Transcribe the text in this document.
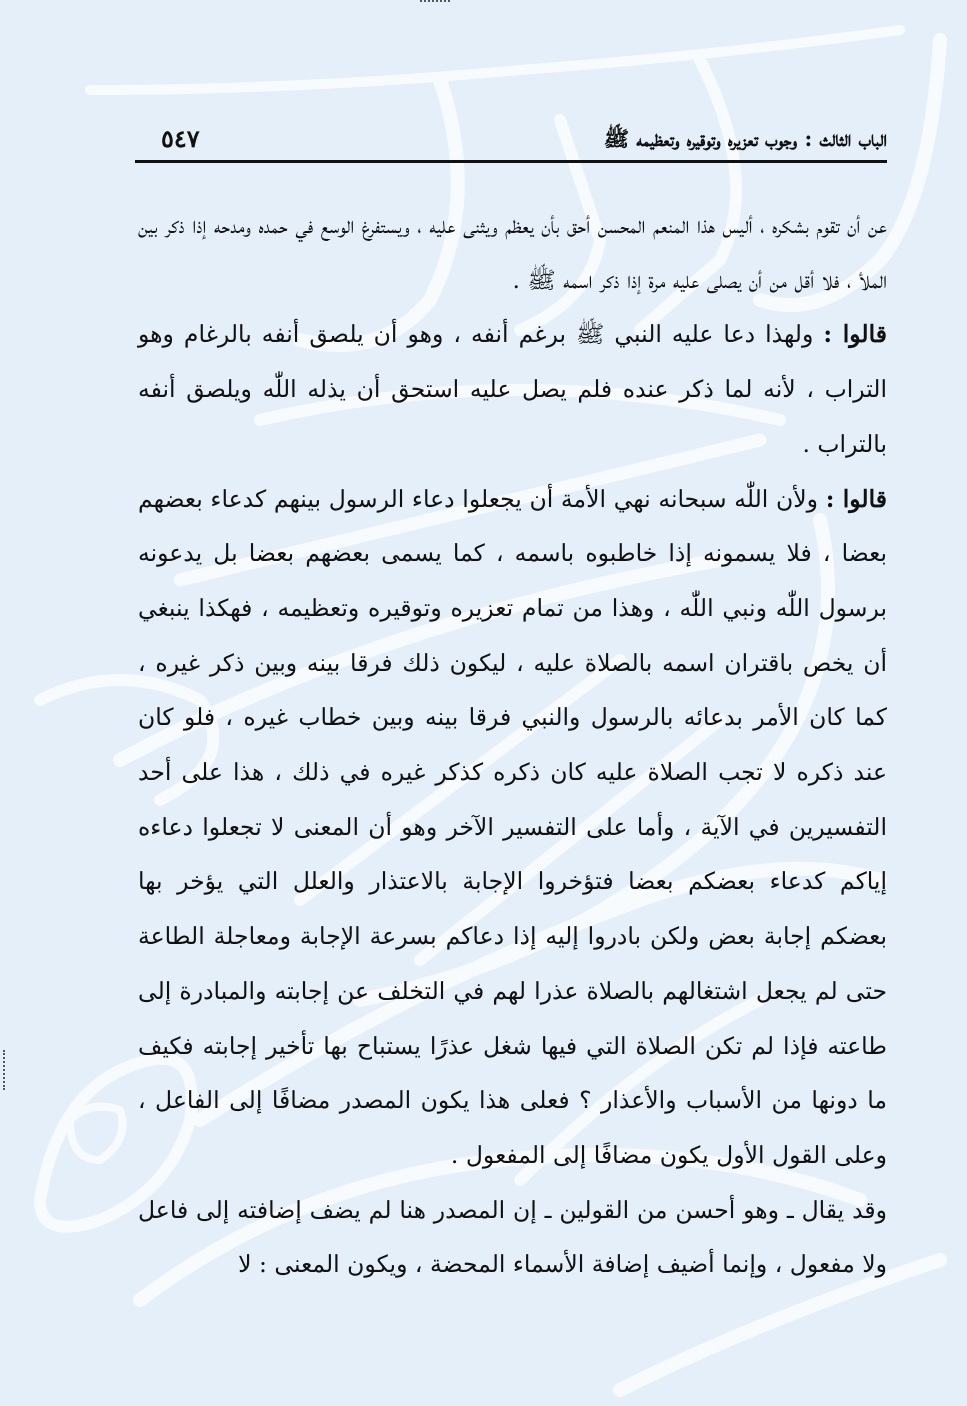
الباب الثالث : وجوب تعزيره وتوقيره وتعظيمه ﷺ
٥٤٧

عن أن تقوم بشكره ، أليس هذا المنعم المحسن أحق بأن يعظم ويثنى عليه ، ويستفرغ الوسع في حمده ومدحه إذا ذكر بين الملأ ، فلا أقل من أن يصلى عليه مرة إذا ذكر اسمه ﷺ .

قالوا : ولهذا دعا عليه النبي ﷺ برغم أنفه ، وهو أن يلصق أنفه بالرغام وهو التراب ، لأنه لما ذكر عنده فلم يصل عليه استحق أن يذله اللّٰه ويلصق أنفه بالتراب .

قالوا : ولأن اللّٰه سبحانه نهي الأمة أن يجعلوا دعاء الرسول بينهم كدعاء بعضهم بعضا ، فلا يسمونه إذا خاطبوه باسمه ، كما يسمى بعضهم بعضا بل يدعونه برسول اللّٰه ونبي اللّٰه ، وهذا من تمام تعزيره وتوقيره وتعظيمه ، فهكذا ينبغي أن يخص باقتران اسمه بالصلاة عليه ، ليكون ذلك فرقا بينه وبين ذكر غيره ، كما كان الأمر بدعائه بالرسول والنبي فرقا بينه وبين خطاب غيره ، فلو كان عند ذكره لا تجب الصلاة عليه كان ذكره كذكر غيره في ذلك ، هذا على أحد التفسيرين في الآية ، وأما على التفسير الآخر وهو أن المعنى لا تجعلوا دعاءه إياكم كدعاء بعضكم بعضا فتؤخروا الإجابة بالاعتذار والعلل التي يؤخر بها بعضكم إجابة بعض ولكن بادروا إليه إذا دعاكم بسرعة الإجابة ومعاجلة الطاعة حتى لم يجعل اشتغالهم بالصلاة عذرا لهم في التخلف عن إجابته والمبادرة إلى طاعته فإذا لم تكن الصلاة التي فيها شغل عذرًا يستباح بها تأخير إجابته فكيف ما دونها من الأسباب والأعذار ؟ فعلى هذا يكون المصدر مضافًا إلى الفاعل ، وعلى القول الأول يكون مضافًا إلى المفعول .

وقد يقال ـ وهو أحسن من القولين ـ إن المصدر هنا لم يضف إضافته إلى فاعل ولا مفعول ، وإنما أضيف إضافة الأسماء المحضة ، ويكون المعنى : لا
